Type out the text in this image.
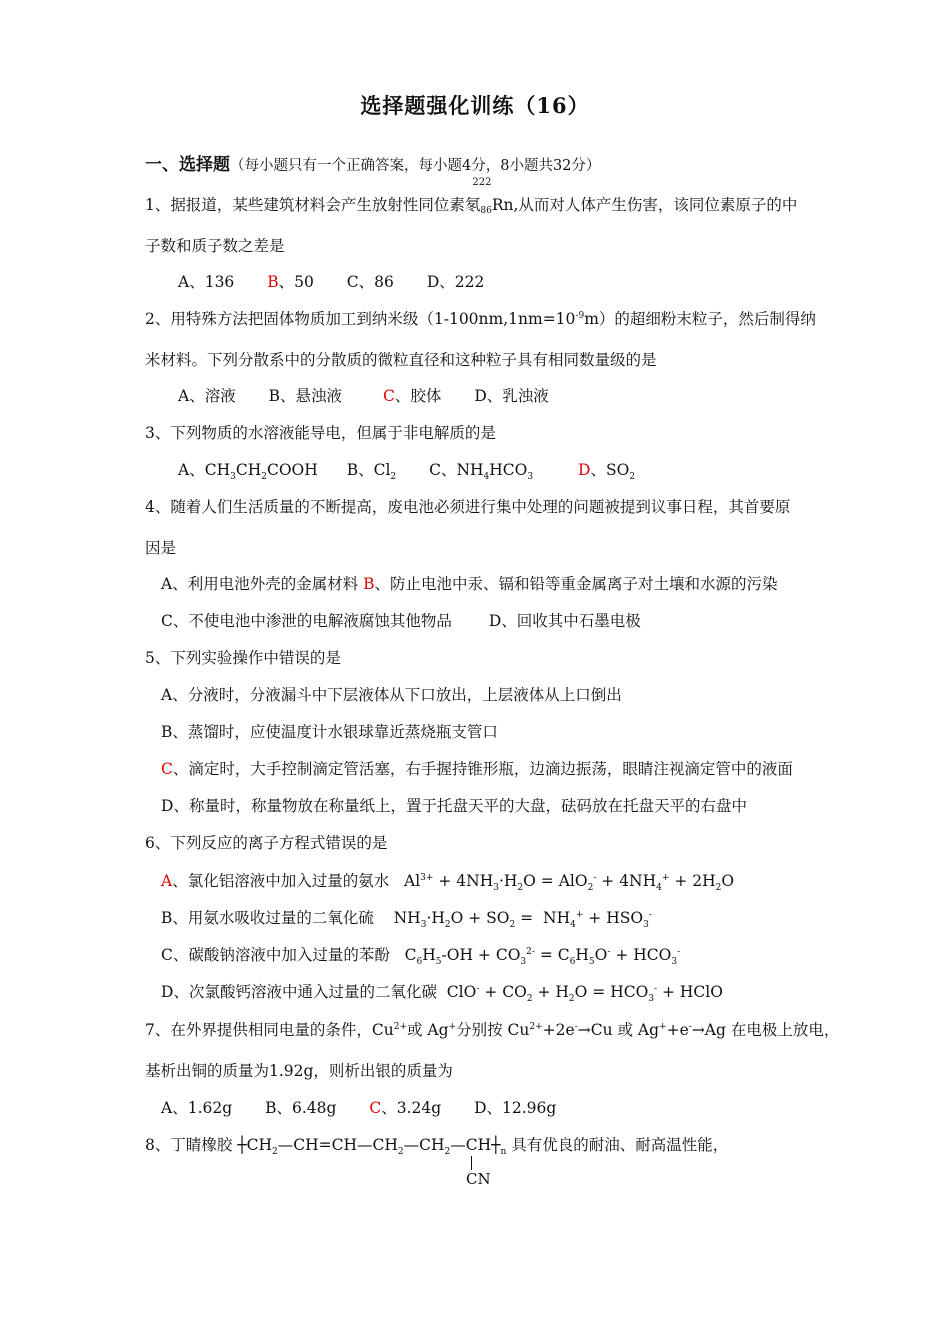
选择题强化训练（16）
一、选择题（每小题只有一个正确答案，每小题4分，8小题共32分）
1、据报道，某些建筑材料会产生放射性同位素氡
222
86Rn,从而对人体产生伤害，该同位素原子的中
子数和质子数之差是
A、136 B、50 C、86 D、222
2、用特殊方法把固体物质加工到纳米级$(1-100nm,1nm=10^{-9}m)$的超细粉末粒子，然后制得纳
米材料。下列分散系中的分散质的微粒直径和这种粒子具有相同数量级的是
A、溶液 B、悬浊液	C、胶体 D、乳浊液
3、下列物质的水溶液能导电，但属于非电解质的是
A、$CH_3CH_2COOH$ B、$Cl_2$ C、$NH_4HCO_3$	D、$SO_2$
4、随着人们生活质量的不断提高，废电池必须进行集中处理的问题被提到议事日程，其首要原
因是
A、利用电池外壳的金属材料 B、防止电池中汞、镉和铅等重金属离子对土壤和水源的污染
C、不使电池中渗泄的电解液腐蚀其他物品 D、回收其中石墨电极
5、下列实验操作中错误的是
A、分液时，分液漏斗中下层液体从下口放出，上层液体从上口倒出
B、蒸馏时，应使温度计水银球靠近蒸烧瓶支管口
C、滴定时，大手控制滴定管活塞，右手握持锥形瓶，边滴边振荡，眼睛注视滴定管中的液面
D、称量时，称量物放在称量纸上，置于托盘天平的大盘，砝码放在托盘天平的右盘中
6、下列反应的离子方程式错误的是
A、氯化铝溶液中加入过量的氨水   $Al^{3+} + 4NH_3\cdot H_2O = AlO_2^- + 4NH_4^+ + 2H_2O$
B、用氨水吸收过量的二氧化硫    $NH_3\cdot H_2O + SO_2 = NH_4^+ + HSO_3^-$
C、碳酸钠溶液中加入过量的苯酚   $C_6H_5-OH + CO_3^{2-} = C_6H_5O^- + HCO_3^-$
D、次氯酸钙溶液中通入过量的二氧化碳  $ClO^- + CO_2 + H_2O = HCO_3^-$ + HClO
7、在外界提供相同电量的条件，$Cu^{2+}$或 Ag+分别按 $Cu^{2+}+2e^-\to Cu$ 或 Ag++e-→Ag 在电极上放电，
基析出铜的质量为1.92g，则析出银的质量为
A、1.62g B、6.48g C、3.24g D、12.96g
8、丁睛橡胶 $┼CH_2—CH=CH—CH_2—CH_2—CH┼_n$ 具有优良的耐油、耐高温性能，
CN
